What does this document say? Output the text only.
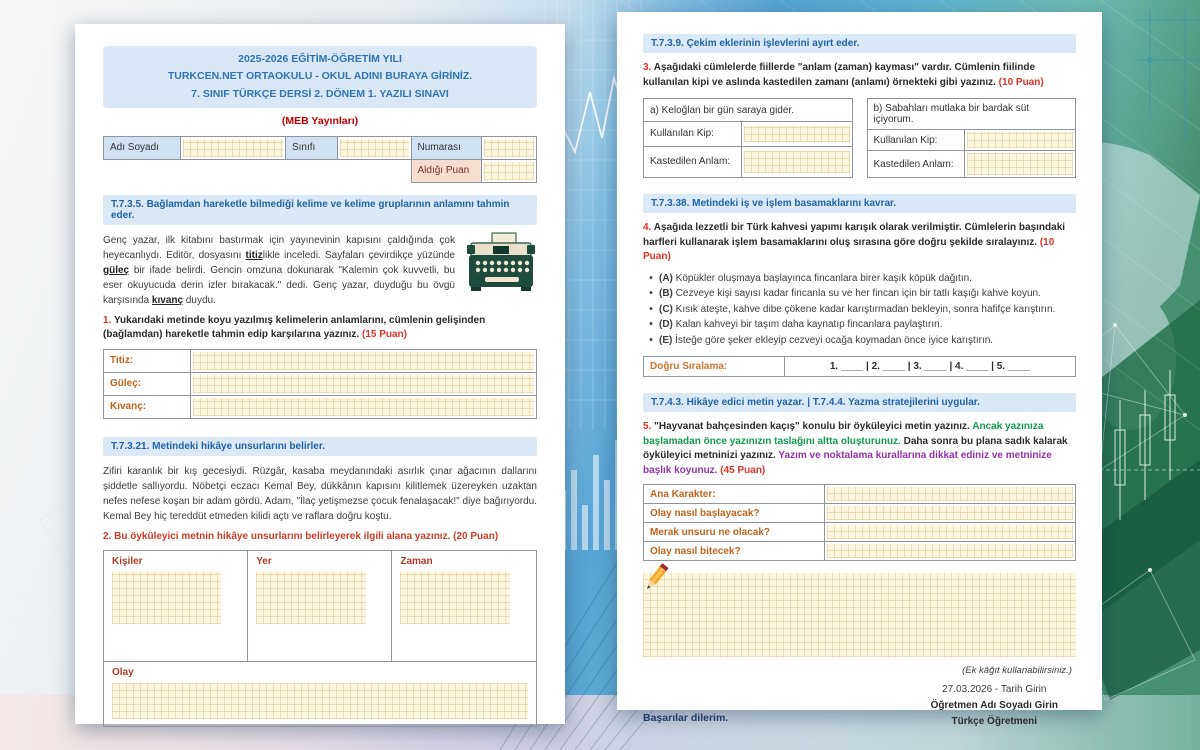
2025-2026 EĞİTİM-ÖĞRETİM YILI
TURKCEN.NET ORTAOKULU - OKUL ADINI BURAYA GİRİNİZ.
7. SINIF TÜRKÇE DERSİ 2. DÖNEM 1. YAZILI SINAVI
(MEB Yayınları)
Adı Soyadı		Sınıfı		Numarası	

				Aldığı Puan	
T.7.3.5. Bağlamdan hareketle bilmediği kelime ve kelime gruplarının anlamını tahmin eder.
Genç yazar, ilk kitabını bastırmak için yayınevinin kapısını çaldığında çok heyecanlıydı. Editör, dosyasını titizlikle inceledi. Sayfaları çevirdikçe yüzünde güleç bir ifade belirdi. Gencin omzuna dokunarak "Kalemin çok kuvvetli, bu eser okuyucuda derin izler bırakacak." dedi. Genç yazar, duyduğu bu övgü karşısında kıvanç duydu.
1. Yukarıdaki metinde koyu yazılmış kelimelerin anlamlarını, cümlenin gelişinden (bağlamdan) hareketle tahmin edip karşılarına yazınız. (15 Puan)
Titiz:	

Güleç:	

Kıvanç:	
T.7.3.21. Metindeki hikâye unsurlarını belirler.
Zifiri karanlık bir kış gecesiydi. Rüzgâr, kasaba meydanındaki asırlık çınar ağacının dallarını şiddetle sallıyordu. Nöbetçi eczacı Kemal Bey, dükkânın kapısını kilitlemek üzereyken uzaktan nefes nefese koşan bir adam gördü. Adam, "İlaç yetişmezse çocuk fenalaşacak!" diye bağırıyordu. Kemal Bey hiç tereddüt etmeden kilidi açtı ve raflara doğru koştu.
2. Bu öyküleyici metnin hikâye unsurlarını belirleyerek ilgili alana yazınız. (20 Puan)
Kişiler	Yer	Zaman

Olay
T.7.3.9. Çekim eklerinin işlevlerini ayırt eder.
3. Aşağıdaki cümlelerde fiillerde "anlam (zaman) kayması" vardır. Cümlenin fiilinde kullanılan kipi ve aslında kastedilen zamanı (anlamı) örnekteki gibi yazınız. (10 Puan)
a) Keloğlan bir gün saraya gider.	
Kullanılan Kip:	

Kastedilen Anlam:	
b) Sabahları mutlaka bir bardak süt içiyorum.	
Kullanılan Kip:	

Kastedilen Anlam:	
T.7.3.38. Metindeki iş ve işlem basamaklarını kavrar.
4. Aşağıda lezzetli bir Türk kahvesi yapımı karışık olarak verilmiştir. Cümlelerin başındaki harfleri kullanarak işlem basamaklarını oluş sırasına göre doğru şekilde sıralayınız. (10 Puan)
• (A) Köpükler oluşmaya başlayınca fincanlara birer kaşık köpük dağıtın.
• (B) Cezveye kişi sayısı kadar fincanla su ve her fincan için bir tatlı kaşığı kahve koyun.
• (C) Kısık ateşte, kahve dibe çökene kadar karıştırmadan bekleyin, sonra hafifçe karıştırın.
• (D) Kalan kahveyi bir taşım daha kaynatıp fincanlara paylaştırın.
• (E) İsteğe göre şeker ekleyip cezveyi ocağa koymadan önce iyice karıştırın.
Doğru Sıralama:	1. ____ | 2. ____ | 3. ____ | 4. ____ | 5. ____
T.7.4.3. Hikâye edici metin yazar. | T.7.4.4. Yazma stratejilerini uygular.
5. "Hayvanat bahçesinden kaçış" konulu bir öyküleyici metin yazınız. Ancak yazınıza başlamadan önce yazınızın taslağını altta oluşturunuz. Daha sonra bu plana sadık kalarak öyküleyici metninizi yazınız. Yazım ve noktalama kurallarına dikkat ediniz ve metninize başlık koyunuz. (45 Puan)
Ana Karakter:	

Olay nasıl başlayacak?	

Merak unsuru ne olacak?	

Olay nasıl bitecek?	
(Ek kâğıt kullanabilirsiniz.)
Başarılar dilerim.
27.03.2026 - Tarih Girin
Öğretmen Adı Soyadı Girin
Türkçe Öğretmeni
